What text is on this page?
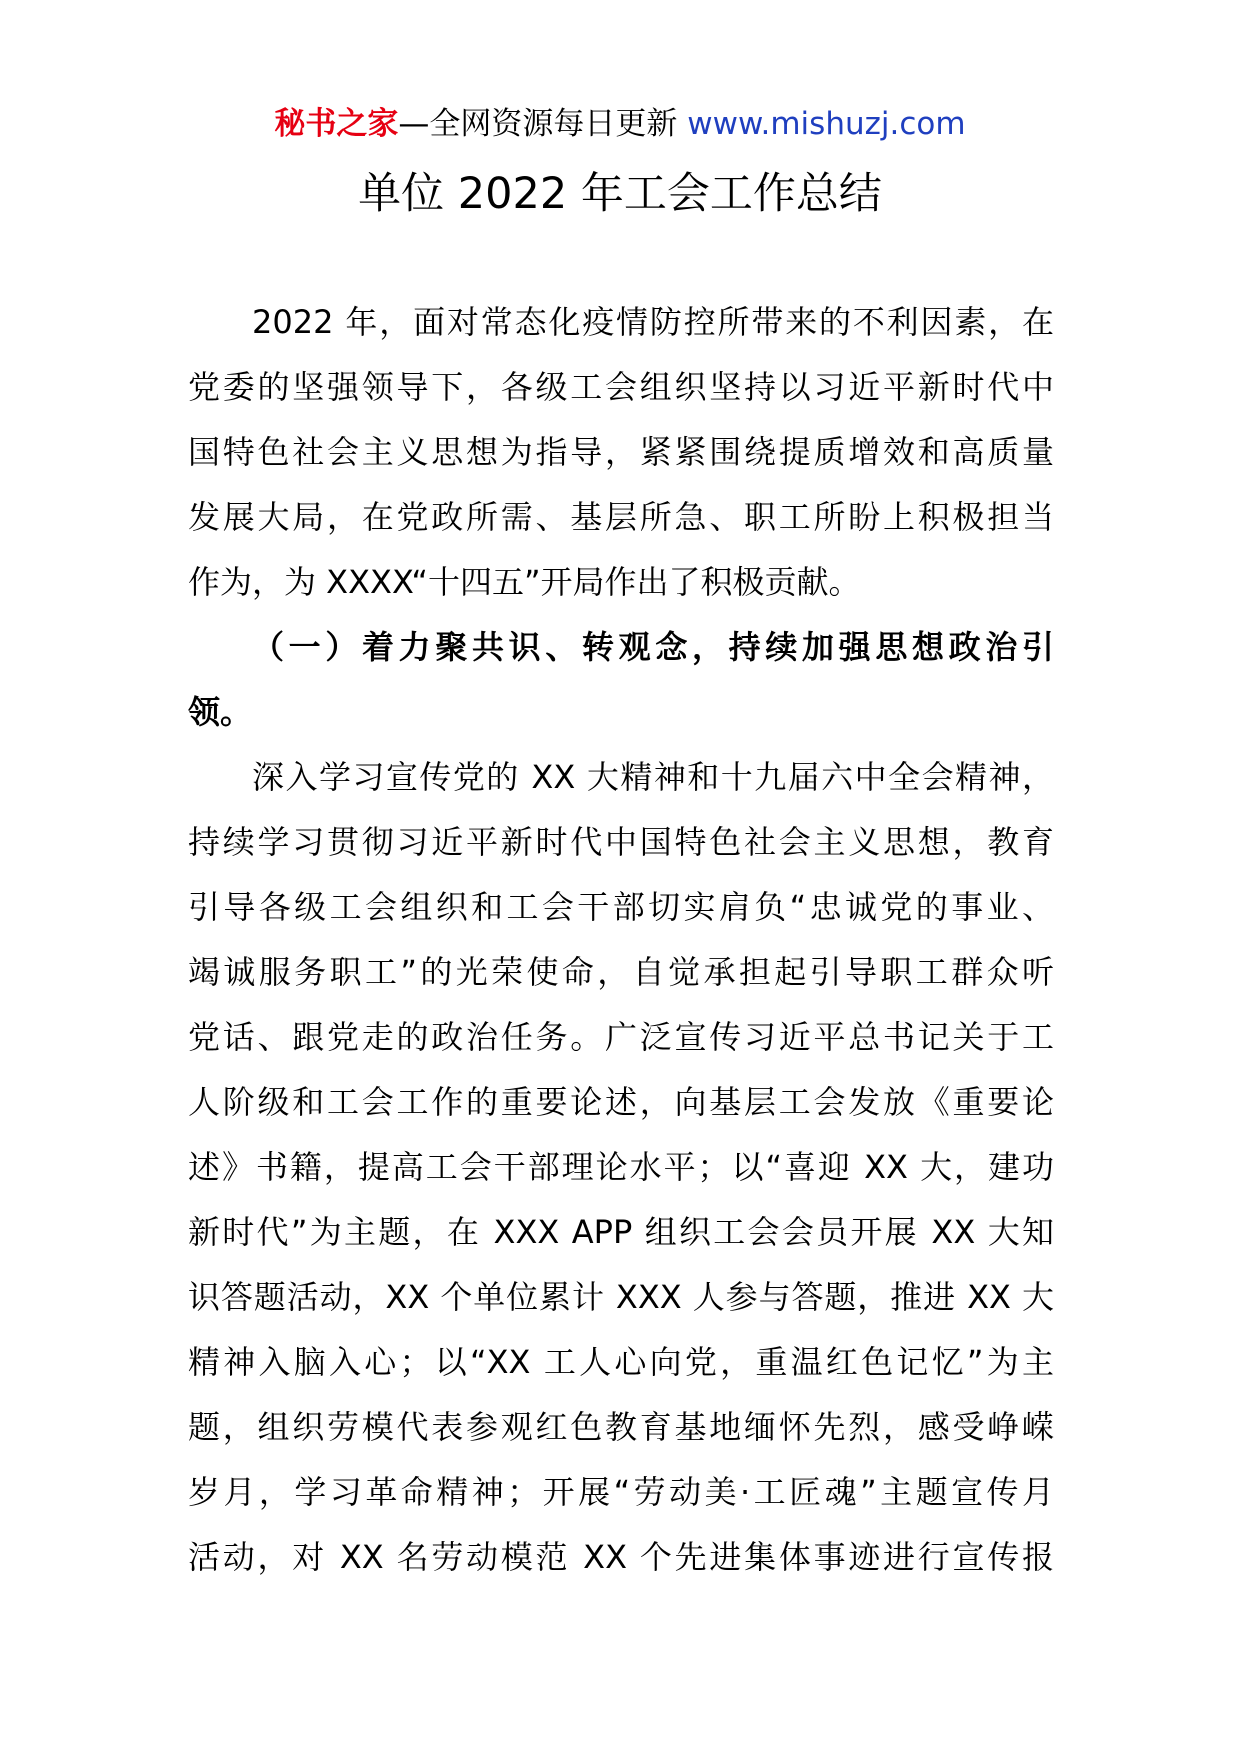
秘书之家—全网资源每日更新 www.mishuzj.com
单位 2022 年工会工作总结
2022 年，面对常态化疫情防控所带来的不利因素，在
党委的坚强领导下，各级工会组织坚持以习近平新时代中
国特色社会主义思想为指导，紧紧围绕提质增效和高质量
发展大局，在党政所需、基层所急、职工所盼上积极担当
作为，为 XXXX“十四五”开局作出了积极贡献。
（一）着力聚共识、转观念，持续加强思想政治引
领。
深入学习宣传党的 XX 大精神和十九届六中全会精神，
持续学习贯彻习近平新时代中国特色社会主义思想，教育
引导各级工会组织和工会干部切实肩负“忠诚党的事业、
竭诚服务职工”的光荣使命，自觉承担起引导职工群众听
党话、跟党走的政治任务。广泛宣传习近平总书记关于工
人阶级和工会工作的重要论述，向基层工会发放《重要论
述》书籍，提高工会干部理论水平；以“喜迎 XX 大，建功
新时代”为主题，在 XXX APP 组织工会会员开展 XX 大知
识答题活动，XX 个单位累计 XXX 人参与答题，推进 XX 大
精神入脑入心；以“XX 工人心向党，重温红色记忆”为主
题，组织劳模代表参观红色教育基地缅怀先烈，感受峥嵘
岁月，学习革命精神；开展“劳动美·工匠魂”主题宣传月
活动，对 XX 名劳动模范 XX 个先进集体事迹进行宣传报
